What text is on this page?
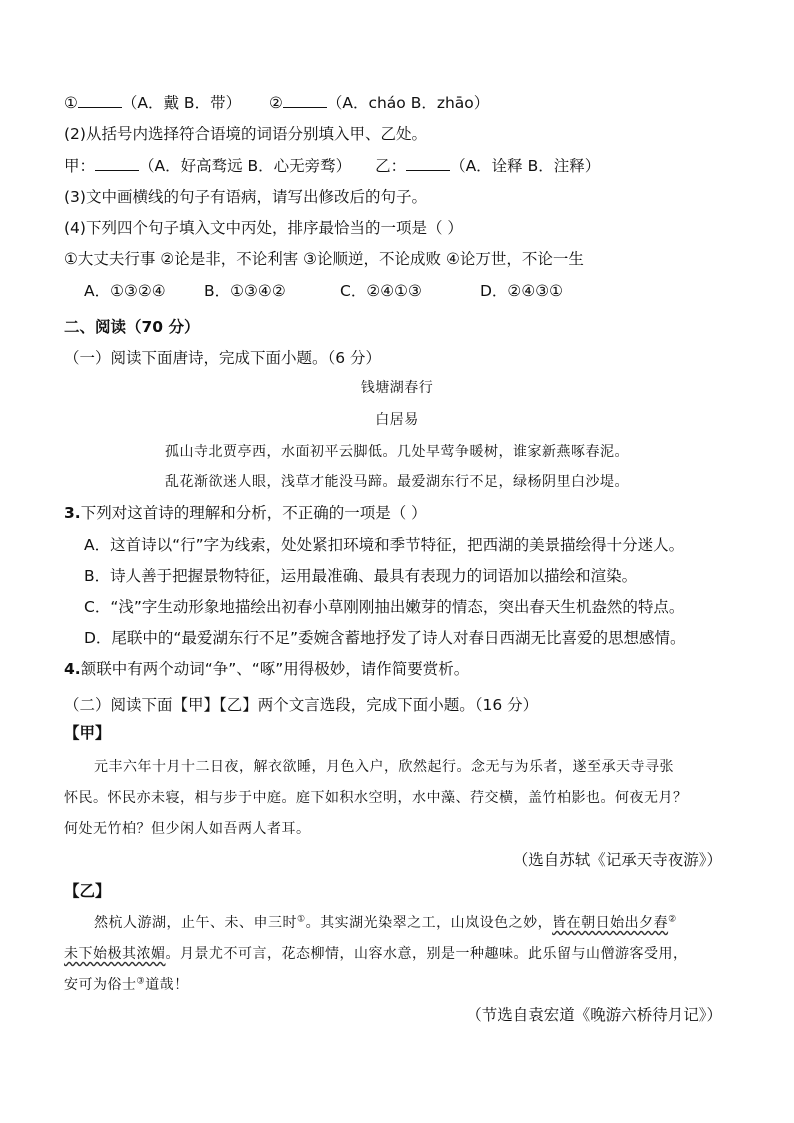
①	（A．戴 B．带） ②	（A．cháo B．zhāo）
(2)从括号内选择符合语境的词语分别填入甲、乙处。
甲：	（A．好高骛远 B．心无旁骛） 乙：	（A．诠释 B．注释）
(3)文中画横线的句子有语病，请写出修改后的句子。
(4)下列四个句子填入文中丙处，排序最恰当的一项是（ ）
①大丈夫行事 ②论是非，不论利害 ③论顺逆，不论成败 ④论万世，不论一生
A．①③②④ B．①③④②	C．②④①③	D．②④③①
二、阅读（70 分）
（一）阅读下面唐诗，完成下面小题。（6 分）
钱塘湖春行
白居易
孤山寺北贾亭西，水面初平云脚低。几处早莺争暖树，谁家新燕啄春泥。
乱花渐欲迷人眼，浅草才能没马蹄。最爱湖东行不足，绿杨阴里白沙堤。
3.下列对这首诗的理解和分析，不正确的一项是（ ）
A．这首诗以“行”字为线索，处处紧扣环境和季节特征，把西湖的美景描绘得十分迷人。
B．诗人善于把握景物特征，运用最准确、最具有表现力的词语加以描绘和渲染。
C．“浅”字生动形象地描绘出初春小草刚刚抽出嫩芽的情态，突出春天生机盎然的特点。
D．尾联中的“最爱湖东行不足”委婉含蓄地抒发了诗人对春日西湖无比喜爱的思想感情。
4.颔联中有两个动词“争”、“啄”用得极妙，请作简要赏析。
（二）阅读下面【甲】【乙】两个文言选段，完成下面小题。（16 分）
【甲】
元丰六年十月十二日夜，解衣欲睡，月色入户，欣然起行。念无与为乐者，遂至承天寺寻张
怀民。怀民亦未寝，相与步于中庭。庭下如积水空明，水中藻、荇交横，盖竹柏影也。何夜无月？
何处无竹柏？但少闲人如吾两人者耳。
（选自苏轼《记承天寺夜游》）
【乙】
然杭人游湖，止午、未、申三时①。其实湖光染翠之工，山岚设色之妙，皆在朝日始出夕舂②
未下始极其浓媚。月景尤不可言，花态柳情，山容水意，别是一种趣味。此乐留与山僧游客受用，
安可为俗士③道哉！
（节选自袁宏道《晚游六桥待月记》）
